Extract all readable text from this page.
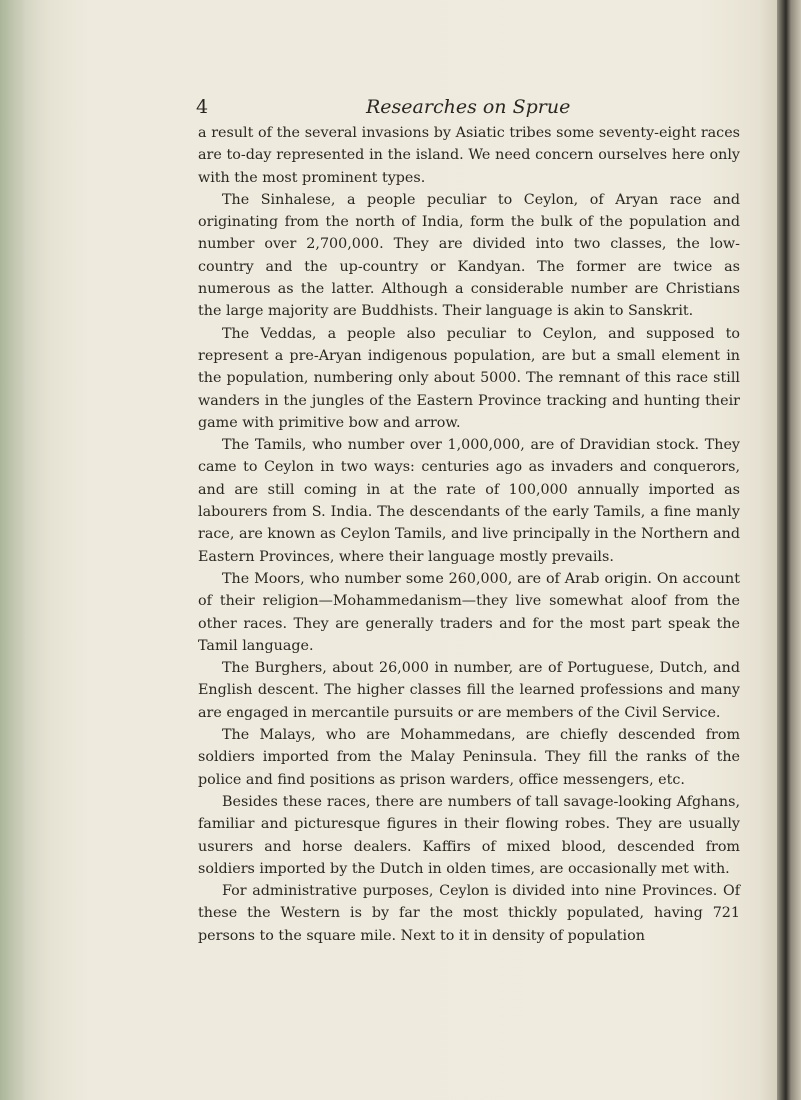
4	Researches on Sprue

a result of the several invasions by Asiatic tribes some seventy-eight races are to-day represented in the island. We need concern ourselves here only with the most prominent types.

The Sinhalese, a people peculiar to Ceylon, of Aryan race and originating from the north of India, form the bulk of the population and number over 2,700,000. They are divided into two classes, the low-country and the up-country or Kandyan. The former are twice as numerous as the latter. Although a considerable number are Christians the large majority are Buddhists. Their language is akin to Sanskrit.

The Veddas, a people also peculiar to Ceylon, and supposed to represent a pre-Aryan indigenous population, are but a small element in the population, numbering only about 5000. The remnant of this race still wanders in the jungles of the Eastern Province tracking and hunting their game with primitive bow and arrow.

The Tamils, who number over 1,000,000, are of Dravidian stock. They came to Ceylon in two ways: centuries ago as invaders and conquerors, and are still coming in at the rate of 100,000 annually imported as labourers from S. India. The descendants of the early Tamils, a fine manly race, are known as Ceylon Tamils, and live principally in the Northern and Eastern Provinces, where their language mostly prevails.

The Moors, who number some 260,000, are of Arab origin. On account of their religion—Mohammedanism—they live somewhat aloof from the other races. They are generally traders and for the most part speak the Tamil language.

The Burghers, about 26,000 in number, are of Portuguese, Dutch, and English descent. The higher classes fill the learned professions and many are engaged in mercantile pursuits or are members of the Civil Service.

The Malays, who are Mohammedans, are chiefly descended from soldiers imported from the Malay Peninsula. They fill the ranks of the police and find positions as prison warders, office messengers, etc.

Besides these races, there are numbers of tall savage-looking Afghans, familiar and picturesque figures in their flowing robes. They are usually usurers and horse dealers. Kaffirs of mixed blood, descended from soldiers imported by the Dutch in olden times, are occasionally met with.

For administrative purposes, Ceylon is divided into nine Provinces. Of these the Western is by far the most thickly populated, having 721 persons to the square mile. Next to it in density of population
